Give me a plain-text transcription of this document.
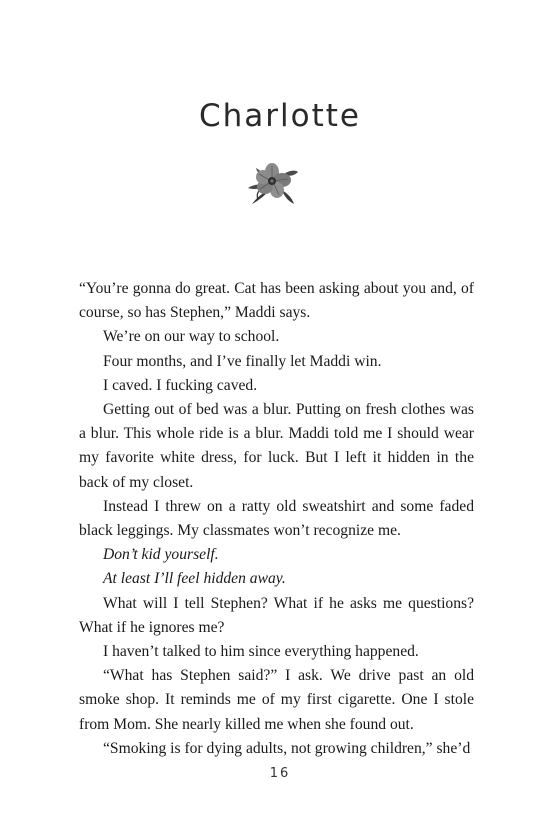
Charlotte

“You’re gonna do great. Cat has been asking about you and, of course, so has Stephen,” Maddi says.

We’re on our way to school.

Four months, and I’ve finally let Maddi win.

I caved. I fucking caved.

Getting out of bed was a blur. Putting on fresh clothes was a blur. This whole ride is a blur. Maddi told me I should wear my favorite white dress, for luck. But I left it hidden in the back of my closet.

Instead I threw on a ratty old sweatshirt and some faded black leggings. My classmates won’t recognize me.

Don’t kid yourself.

At least I’ll feel hidden away.

What will I tell Stephen? What if he asks me questions? What if he ignores me?

I haven’t talked to him since everything happened.

“What has Stephen said?” I ask. We drive past an old smoke shop. It reminds me of my first cigarette. One I stole from Mom. She nearly killed me when she found out.

“Smoking is for dying adults, not growing children,” she’d

16
